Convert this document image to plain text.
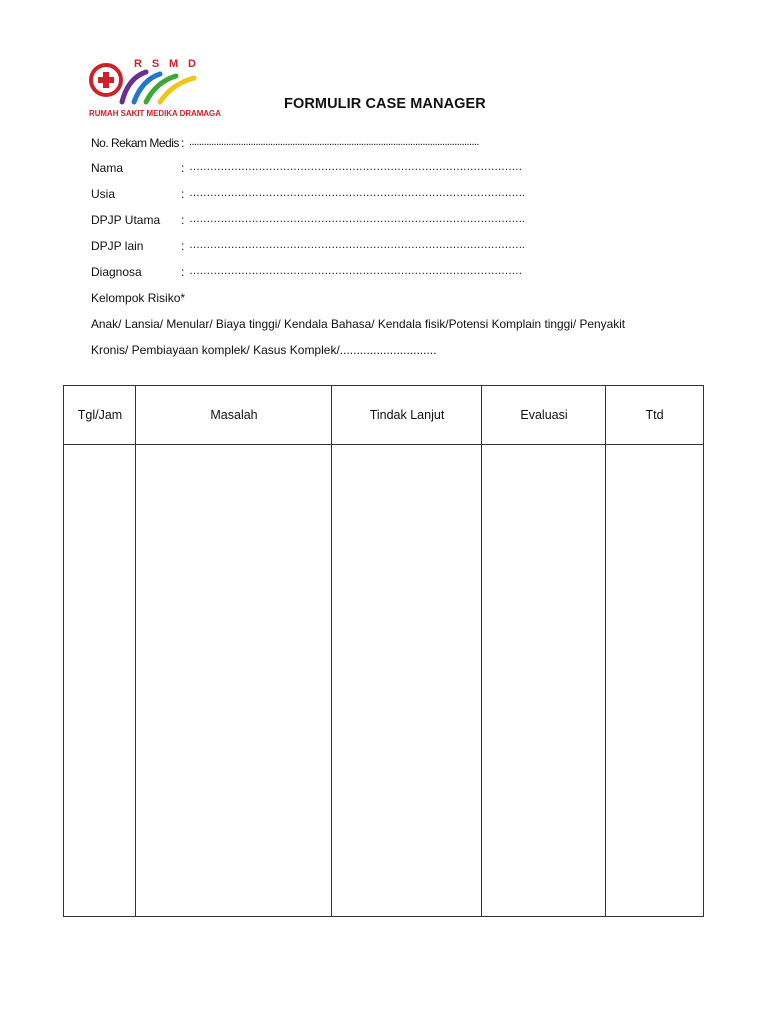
R S M D
RUMAH SAKIT MEDIKA DRAMAGA
FORMULIR CASE MANAGER
No. Rekam Medis : ......................................................................................................................
Nama	: ……………………………………………………………………………………
Usia	: …………………………………………………………………………………….
DPJP Utama : …………………………………………………………………………………….
DPJP lain	: …………………………………………………………………………………….
Diagnosa	: ……………………………………………………………………………………
Kelompok Risiko*
Anak/ Lansia/ Menular/ Biaya tinggi/ Kendala Bahasa/ Kendala fisik/Potensi Komplain tinggi/ Penyakit
Kronis/ Pembiayaan komplek/ Kasus Komplek/.............................
Tgl/Jam	Masalah	Tindak Lanjut	Evaluasi	Ttd
